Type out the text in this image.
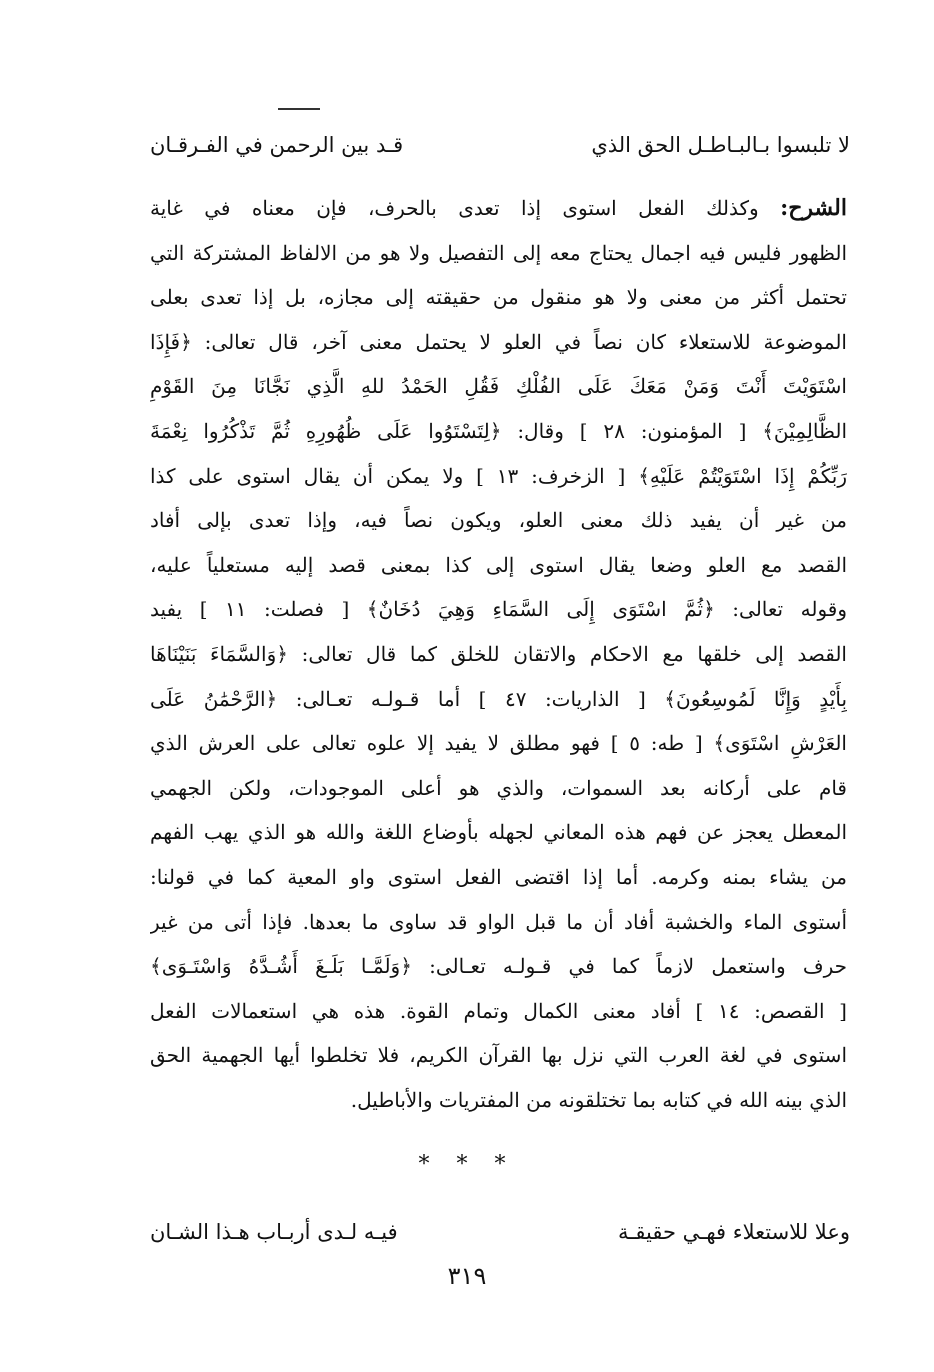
لا تلبسوا بـالبـاطـل الحق الذي
قـد بين الرحمن في الفـرقـان
الشرح: وكذلك الفعل استوى إذا تعدى بالحرف، فإن معناه في غاية
الظهور فليس فيه اجمال يحتاج معه إلى التفصيل ولا هو من الالفاظ المشتركة التي
تحتمل أكثر من معنى ولا هو منقول من حقيقته إلى مجازه، بل إذا تعدى بعلى
الموضوعة للاستعلاء كان نصاً في العلو لا يحتمل معنى آخر، قال تعالى: ﴿فَإِذَا
اسْتَوَيْتَ أَنْتَ وَمَنْ مَعَكَ عَلَى الفُلْكِ فَقُلِ الحَمْدُ للهِ الَّذِي نَجَّانَا مِنَ القَوْمِ
الظَّالِمِيْنَ﴾ [ المؤمنون: ٢٨ ] وقال: ﴿لِتَسْتَوُوا عَلَى ظُهُورِهِ ثُمَّ تَذْكُرُوا نِعْمَةَ
رَبِّكُمْ إِذَا اسْتَوَيْتُمْ عَلَيْهِ﴾ [ الزخرف: ١٣ ] ولا يمكن أن يقال استوى على كذا
من غير أن يفيد ذلك معنى العلو، ويكون نصاً فيه، وإذا تعدى بإلى أفاد
القصد مع العلو وضعا يقال استوى إلى كذا بمعنى قصد إليه مستعلياً عليه،
وقوله تعالى: ﴿ثُمَّ اسْتَوَى إِلَى السَّمَاءِ وَهِيَ دُخَانٌ﴾ [ فصلت: ١١ ] يفيد
القصد إلى خلقها مع الاحكام والاتقان للخلق كما قال تعالى: ﴿وَالسَّمَاءَ بَنَيْنَاهَا
بِأَيْدٍ وَإِنَّا لَمُوسِعُونَ﴾ [ الذاريات: ٤٧ ] أما قـولـه تعـالى: ﴿الرَّحْمَٰنُ عَلَى
العَرْشِ اسْتَوَى﴾ [ طه: ٥ ] فهو مطلق لا يفيد إلا علوه تعالى على العرش الذي
قام على أركانه بعد السموات، والذي هو أعلى الموجودات، ولكن الجهمي
المعطل يعجز عن فهم هذه المعاني لجهله بأوضاع اللغة والله هو الذي يهب الفهم
من يشاء بمنه وكرمه. أما إذا اقتضى الفعل استوى واو المعية كما في قولنا:
أستوى الماء والخشبة أفاد أن ما قبل الواو قد ساوى ما بعدها. فإذا أتى من غير
حرف واستعمل لازماً كما في قـولـه تعـالى: ﴿وَلَمَّـا بَلَـغَ أَشُـدَّهُ وَاسْتَـوَى﴾
[ القصص: ١٤ ] أفاد معنى الكمال وتمام القوة. هذه هي استعمالات الفعل
استوى في لغة العرب التي نزل بها القرآن الكريم، فلا تخلطوا أيها الجهمية الحق
الذي بينه الله في كتابه بما تختلقونه من المفتريات والأباطيل.
* * *
وعلا للاستعلاء فهـي حقيقـة
فيـه لـدى أربـاب هـذا الشـان
٣١٩
